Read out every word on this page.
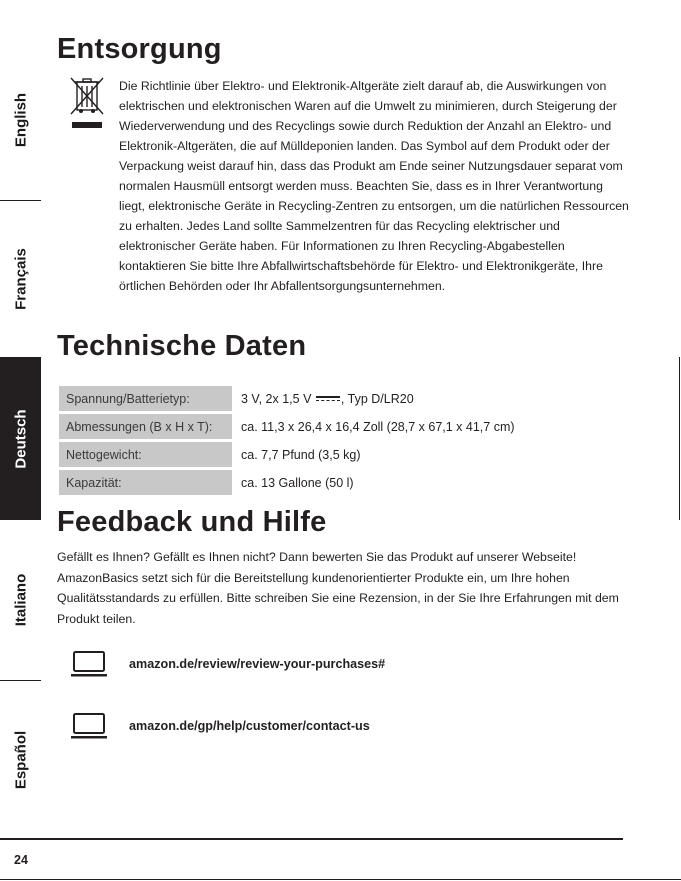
English
Français
Deutsch
Italiano
Español
Entsorgung

Die Richtlinie über Elektro- und Elektronik-Altgeräte zielt darauf ab, die Auswirkungen von elektrischen und elektronischen Waren auf die Umwelt zu minimieren, durch Steigerung der Wiederverwendung und des Recyclings sowie durch Reduktion der Anzahl an Elektro- und Elektronik-Altgeräten, die auf Mülldeponien landen. Das Symbol auf dem Produkt oder der Verpackung weist darauf hin, dass das Produkt am Ende seiner Nutzungsdauer separat vom normalen Hausmüll entsorgt werden muss. Beachten Sie, dass es in Ihrer Verantwortung liegt, elektronische Geräte in Recycling-Zentren zu entsorgen, um die natürlichen Ressourcen zu erhalten. Jedes Land sollte Sammelzentren für das Recycling elektrischer und elektronischer Geräte haben. Für Informationen zu Ihren Recycling-Abgabestellen kontaktieren Sie bitte Ihre Abfallwirtschaftsbehörde für Elektro- und Elektronikgeräte, Ihre örtlichen Behörden oder Ihr Abfallentsorgungsunternehmen.

Technische Daten
Spannung/Batterietyp:	3 V, 2x 1,5 V , Typ D/LR20
Abmessungen (B x H x T):	ca. 11,3 x 26,4 x 16,4 Zoll (28,7 x 67,1 x 41,7 cm)
Nettogewicht:	ca. 7,7 Pfund (3,5 kg)
Kapazität:	ca. 13 Gallone (50 l)
Feedback und Hilfe

Gefällt es Ihnen? Gefällt es Ihnen nicht? Dann bewerten Sie das Produkt auf unserer Webseite! AmazonBasics setzt sich für die Bereitstellung kundenorientierter Produkte ein, um Ihre hohen Qualitätsstandards zu erfüllen. Bitte schreiben Sie eine Rezension, in der Sie Ihre Erfahrungen mit dem Produkt teilen.

amazon.de/review/review-your-purchases#
amazon.de/gp/help/customer/contact-us
24
